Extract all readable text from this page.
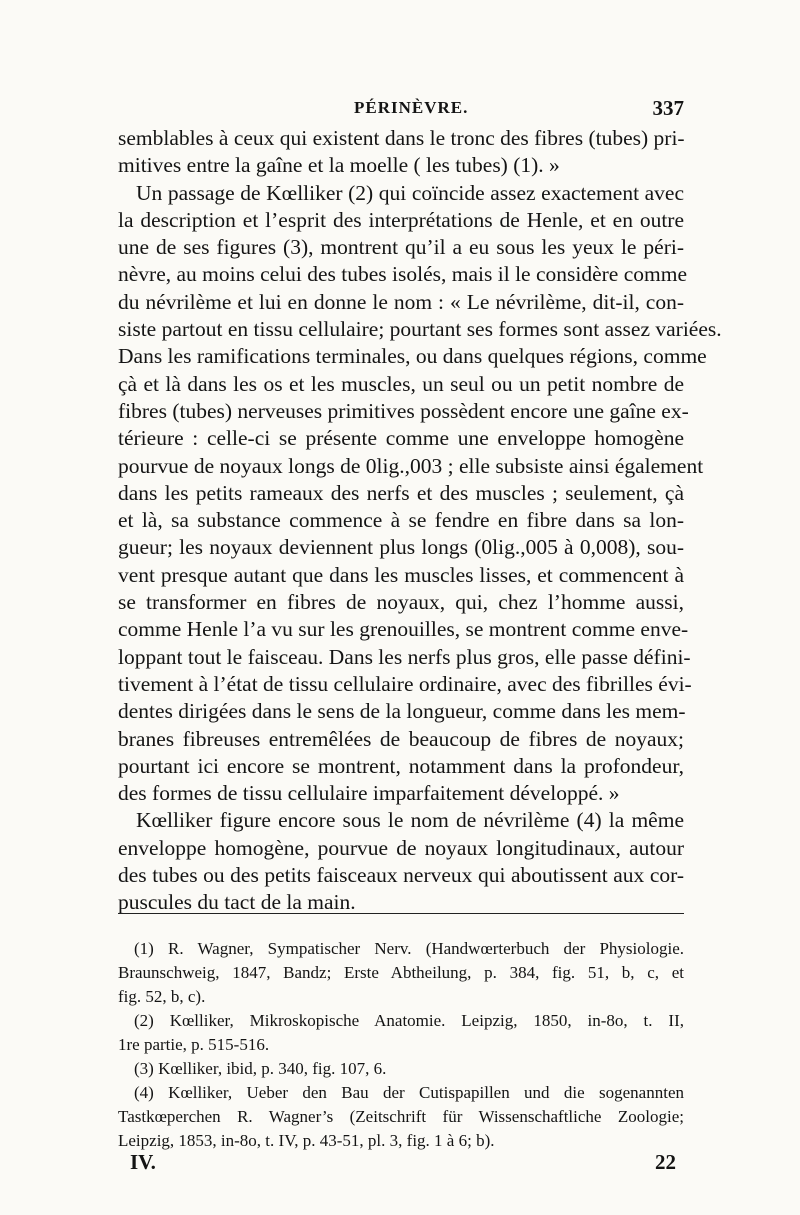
PÉRINÈVRE.	337
semblables à ceux qui existent dans le tronc des fibres (tubes) pri-
mitives entre la gaîne et la moelle ( les tubes) (1). »
Un passage de Kœlliker (2) qui coïncide assez exactement avec
la description et l’esprit des interprétations de Henle, et en outre
une de ses figures (3), montrent qu’il a eu sous les yeux le péri-
nèvre, au moins celui des tubes isolés, mais il le considère comme
du névrilème et lui en donne le nom : « Le névrilème, dit-il, con-
siste partout en tissu cellulaire; pourtant ses formes sont assez variées.
Dans les ramifications terminales, ou dans quelques régions, comme
çà et là dans les os et les muscles, un seul ou un petit nombre de
fibres (tubes) nerveuses primitives possèdent encore une gaîne ex-
térieure : celle-ci se présente comme une enveloppe homogène
pourvue de noyaux longs de 0lig.,003 ; elle subsiste ainsi également
dans les petits rameaux des nerfs et des muscles ; seulement, çà
et là, sa substance commence à se fendre en fibre dans sa lon-
gueur; les noyaux deviennent plus longs (0lig.,005 à 0,008), sou-
vent presque autant que dans les muscles lisses, et commencent à
se transformer en fibres de noyaux, qui, chez l’homme aussi,
comme Henle l’a vu sur les grenouilles, se montrent comme enve-
loppant tout le faisceau. Dans les nerfs plus gros, elle passe défini-
tivement à l’état de tissu cellulaire ordinaire, avec des fibrilles évi-
dentes dirigées dans le sens de la longueur, comme dans les mem-
branes fibreuses entremêlées de beaucoup de fibres de noyaux;
pourtant ici encore se montrent, notamment dans la profondeur,
des formes de tissu cellulaire imparfaitement développé. »
Kœlliker figure encore sous le nom de névrilème (4) la même
enveloppe homogène, pourvue de noyaux longitudinaux, autour
des tubes ou des petits faisceaux nerveux qui aboutissent aux cor-
puscules du tact de la main.
(1) R. Wagner, Sympatischer Nerv. (Handwœrterbuch der Physiologie.
Braunschweig, 1847, Bandz; Erste Abtheilung, p. 384, fig. 51, b, c, et
fig. 52, b, c).
(2) Kœlliker, Mikroskopische Anatomie. Leipzig, 1850, in-8o, t. II,
1re partie, p. 515-516.
(3) Kœlliker, ibid, p. 340, fig. 107, 6.
(4) Kœlliker, Ueber den Bau der Cutispapillen und die sogenannten
Tastkœperchen R. Wagner’s (Zeitschrift für Wissenschaftliche Zoologie;
Leipzig, 1853, in-8o, t. IV, p. 43-51, pl. 3, fig. 1 à 6; b).
IV.	22
